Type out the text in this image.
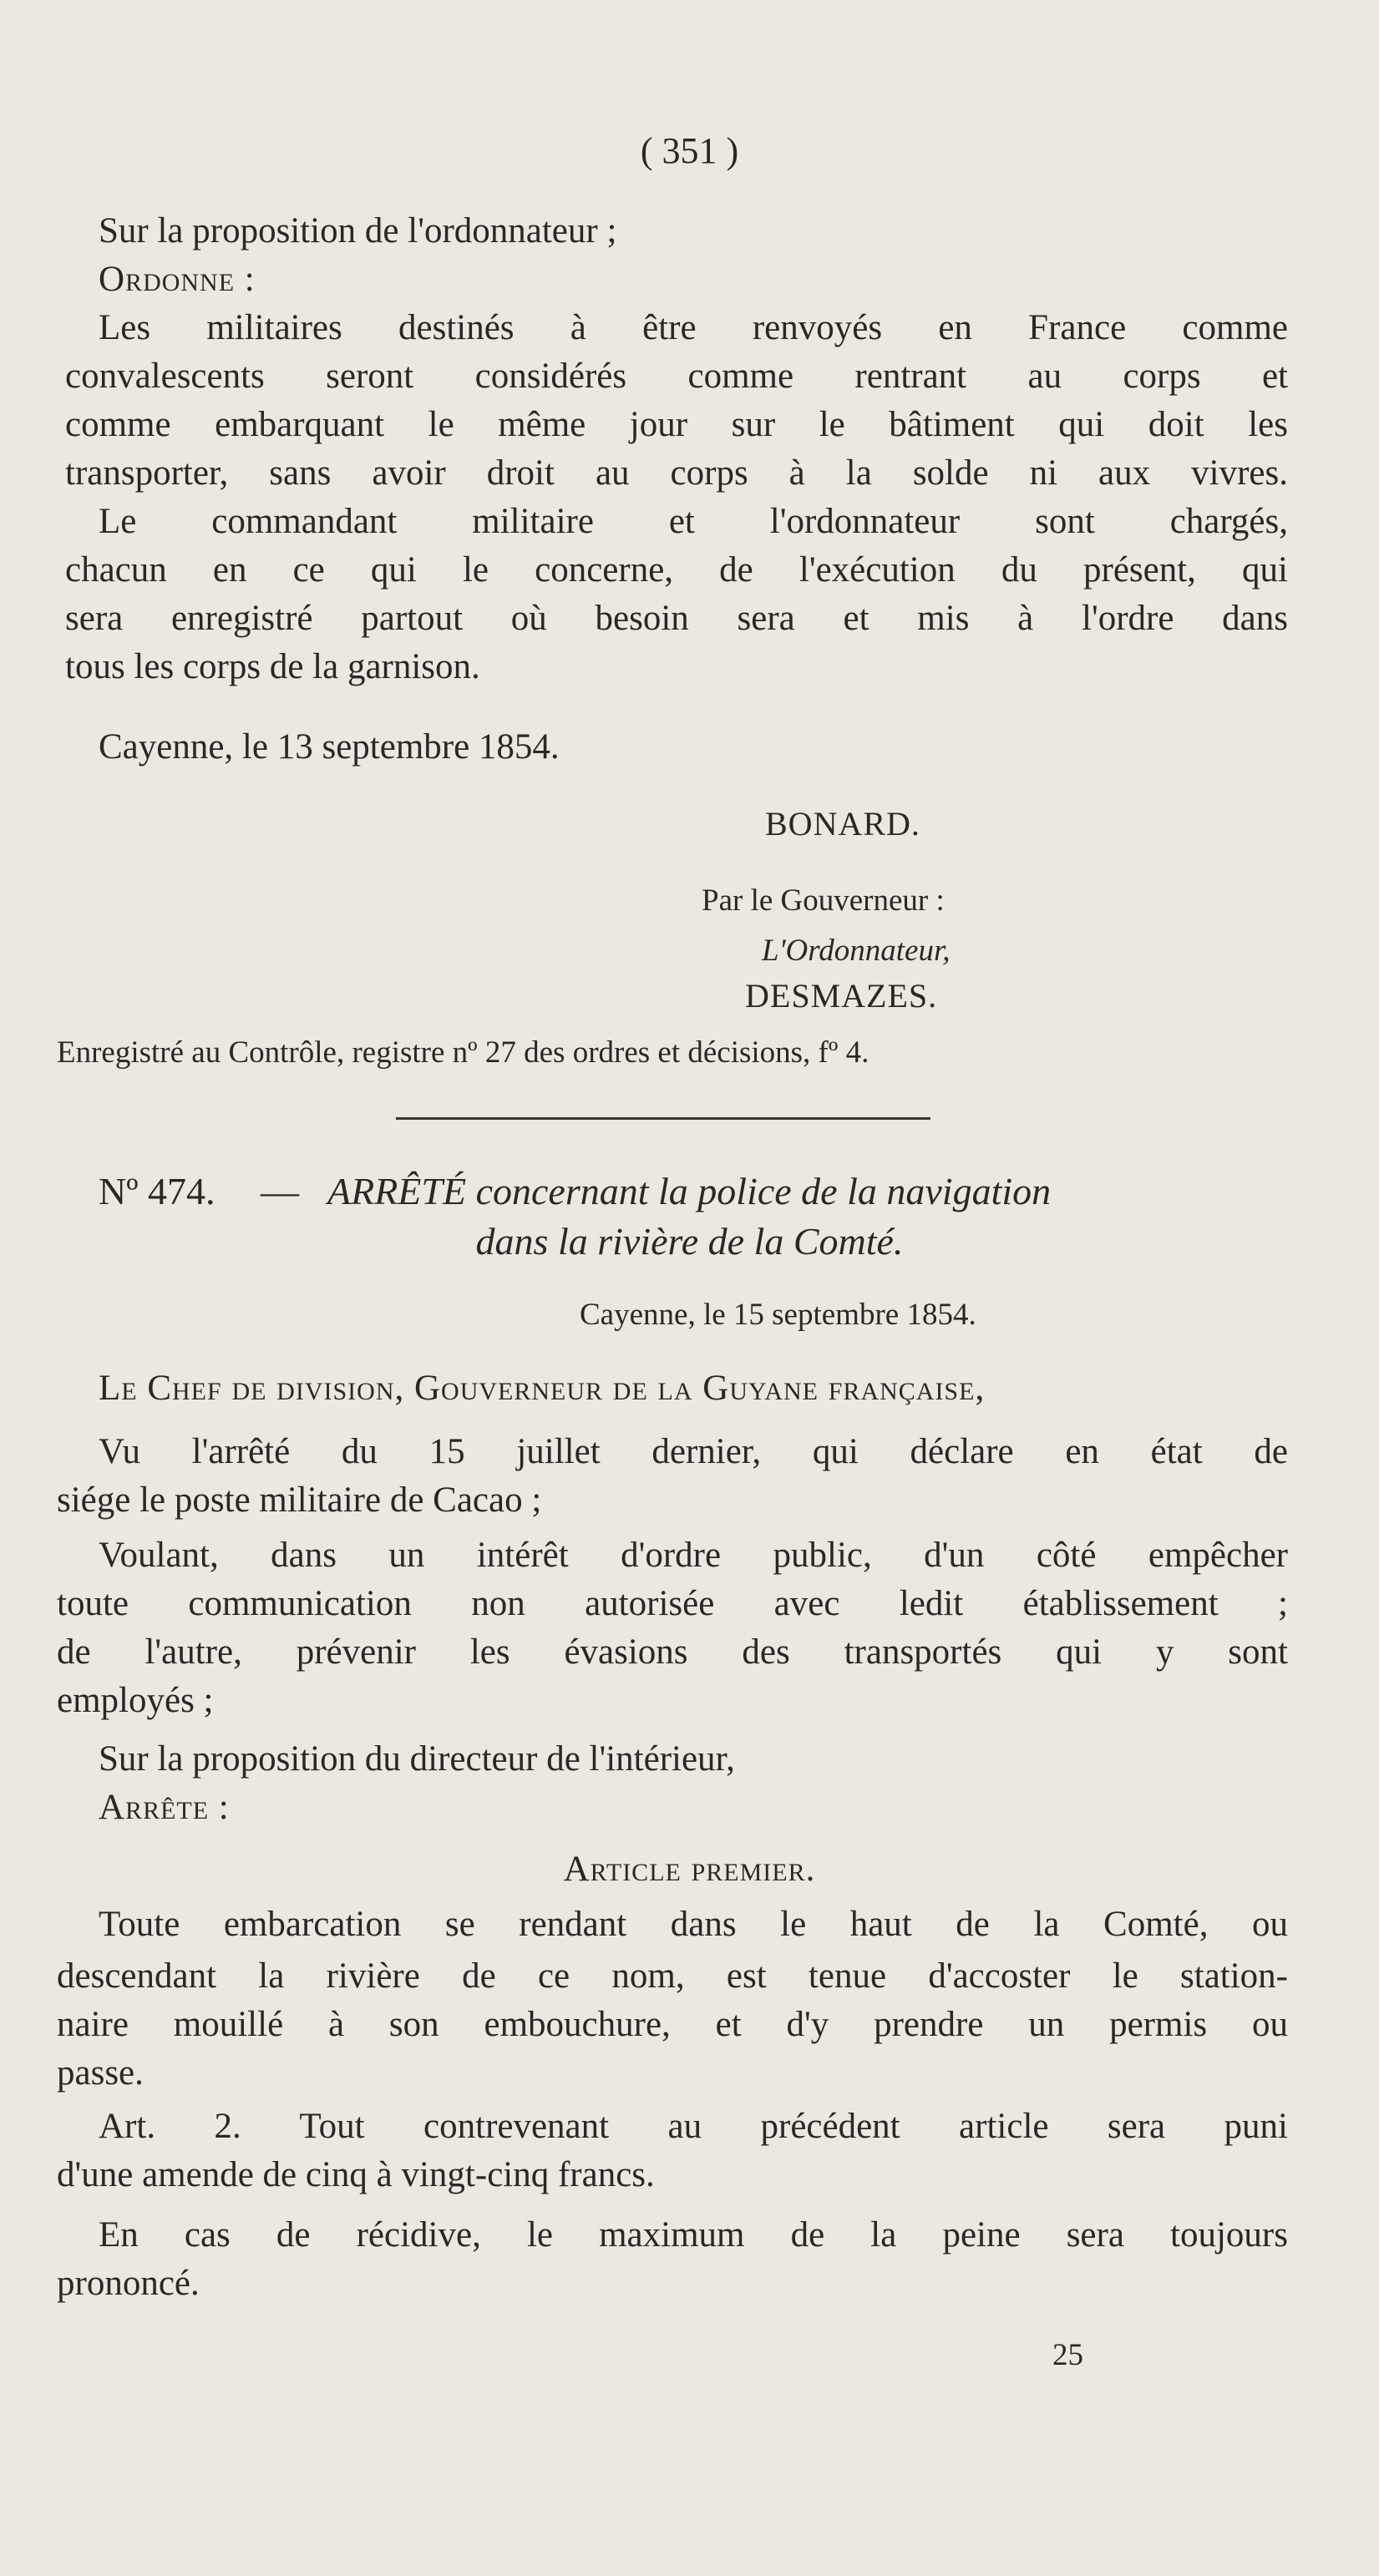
( 351 )
Sur la proposition de l'ordonnateur ;
Ordonne :
Les militaires destinés à être renvoyés en France comme
convalescents seront considérés comme rentrant au corps et
comme embarquant le même jour sur le bâtiment qui doit les
transporter, sans avoir droit au corps à la solde ni aux vivres.
Le commandant militaire et l'ordonnateur sont chargés,
chacun en ce qui le concerne, de l'exécution du présent, qui
sera enregistré partout où besoin sera et mis à l'ordre dans
tous les corps de la garnison.
Cayenne, le 13 septembre 1854.
BONARD.
Par le Gouverneur :
L'Ordonnateur,
DESMAZES.
Enregistré au Contrôle, registre nº 27 des ordres et décisions, fº 4.
Nº 474.	— ARRÊTÉ concernant la police de la navigation
dans la rivière de la Comté.
Cayenne, le 15 septembre 1854.
Le Chef de division, Gouverneur de la Guyane française,
Vu l'arrêté du 15 juillet dernier, qui déclare en état de
siége le poste militaire de Cacao ;
Voulant, dans un intérêt d'ordre public, d'un côté empêcher
toute communication non autorisée avec ledit établissement ;
de l'autre, prévenir les évasions des transportés qui y sont
employés ;
Sur la proposition du directeur de l'intérieur,
Arrête :
Article premier.
Toute embarcation se rendant dans le haut de la Comté, ou
descendant la rivière de ce nom, est tenue d'accoster le station-
naire mouillé à son embouchure, et d'y prendre un permis ou
passe.
Art. 2. Tout contrevenant au précédent article sera puni
d'une amende de cinq à vingt-cinq francs.
En cas de récidive, le maximum de la peine sera toujours
prononcé.
25
